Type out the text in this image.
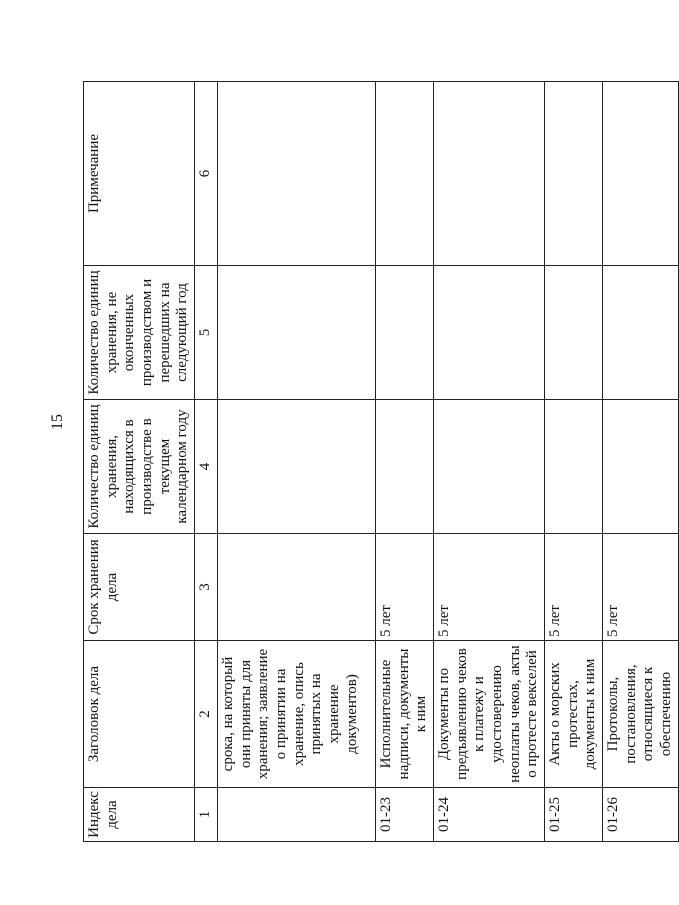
15
Индекс дела	Заголовок дела	Срок хранения дела	Количество единиц хранения, находящихся в производстве в текущем календарном году	Количество единиц хранения, не оконченных производством и перешедших на следующий год	Примечание
1	2	3	4	5	6
	срока, на который они приняты для хранения; заявление о принятии на хранение, опись принятых на хранение документов)				
01-23	Исполнительные надписи, документы к ним	5 лет			
01-24	Документы по предъявлению чеков к платежу и удостоверению неоплаты чеков, акты о протесте векселей	5 лет			
01-25	Акты о морских протестах, документы к ним	5 лет			
01-26	Протоколы, постановления, относящиеся к обеспечению	5 лет			
